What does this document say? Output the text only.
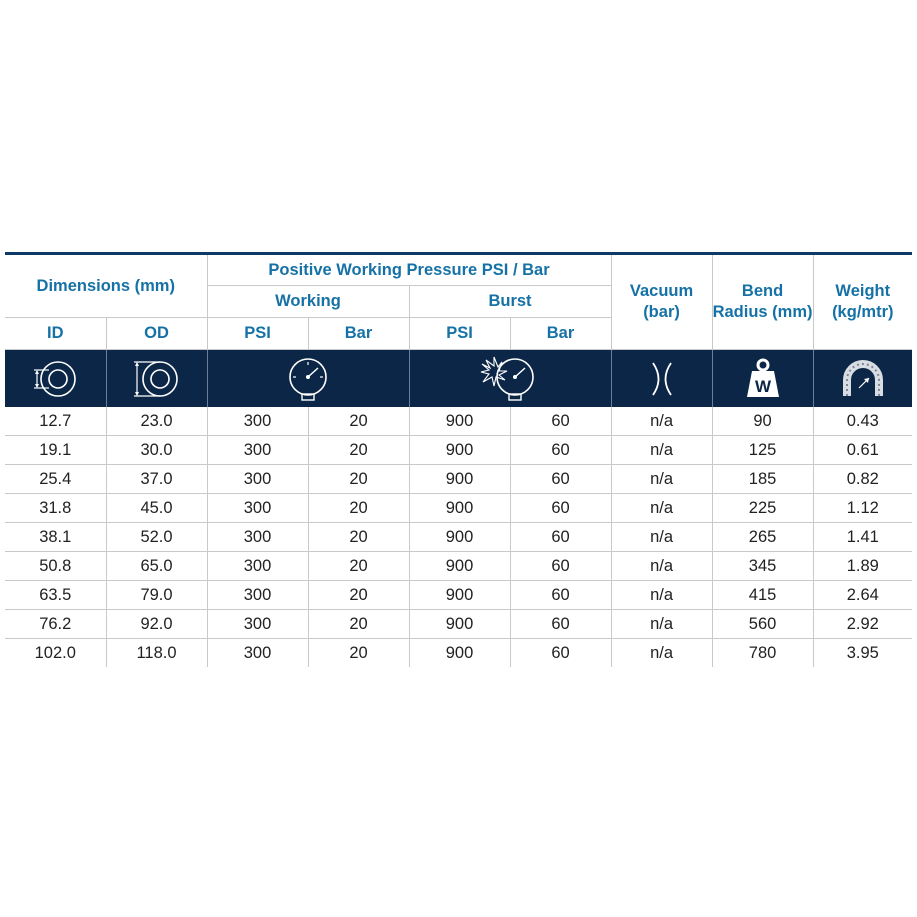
Dimensions (mm)		Positive Working Pressure PSI / Bar				Vacuum (bar)	Bend Radius (mm)	Weight (kg/mtr)
		Working		Burst				
ID	OD	PSI	Bar	PSI	Bar			

W

12.7	23.0	300	20	900	60	n/a	90	0.43
19.1	30.0	300	20	900	60	n/a	125	0.61
25.4	37.0	300	20	900	60	n/a	185	0.82
31.8	45.0	300	20	900	60	n/a	225	1.12
38.1	52.0	300	20	900	60	n/a	265	1.41
50.8	65.0	300	20	900	60	n/a	345	1.89
63.5	79.0	300	20	900	60	n/a	415	2.64
76.2	92.0	300	20	900	60	n/a	560	2.92
102.0	118.0	300	20	900	60	n/a	780	3.95
